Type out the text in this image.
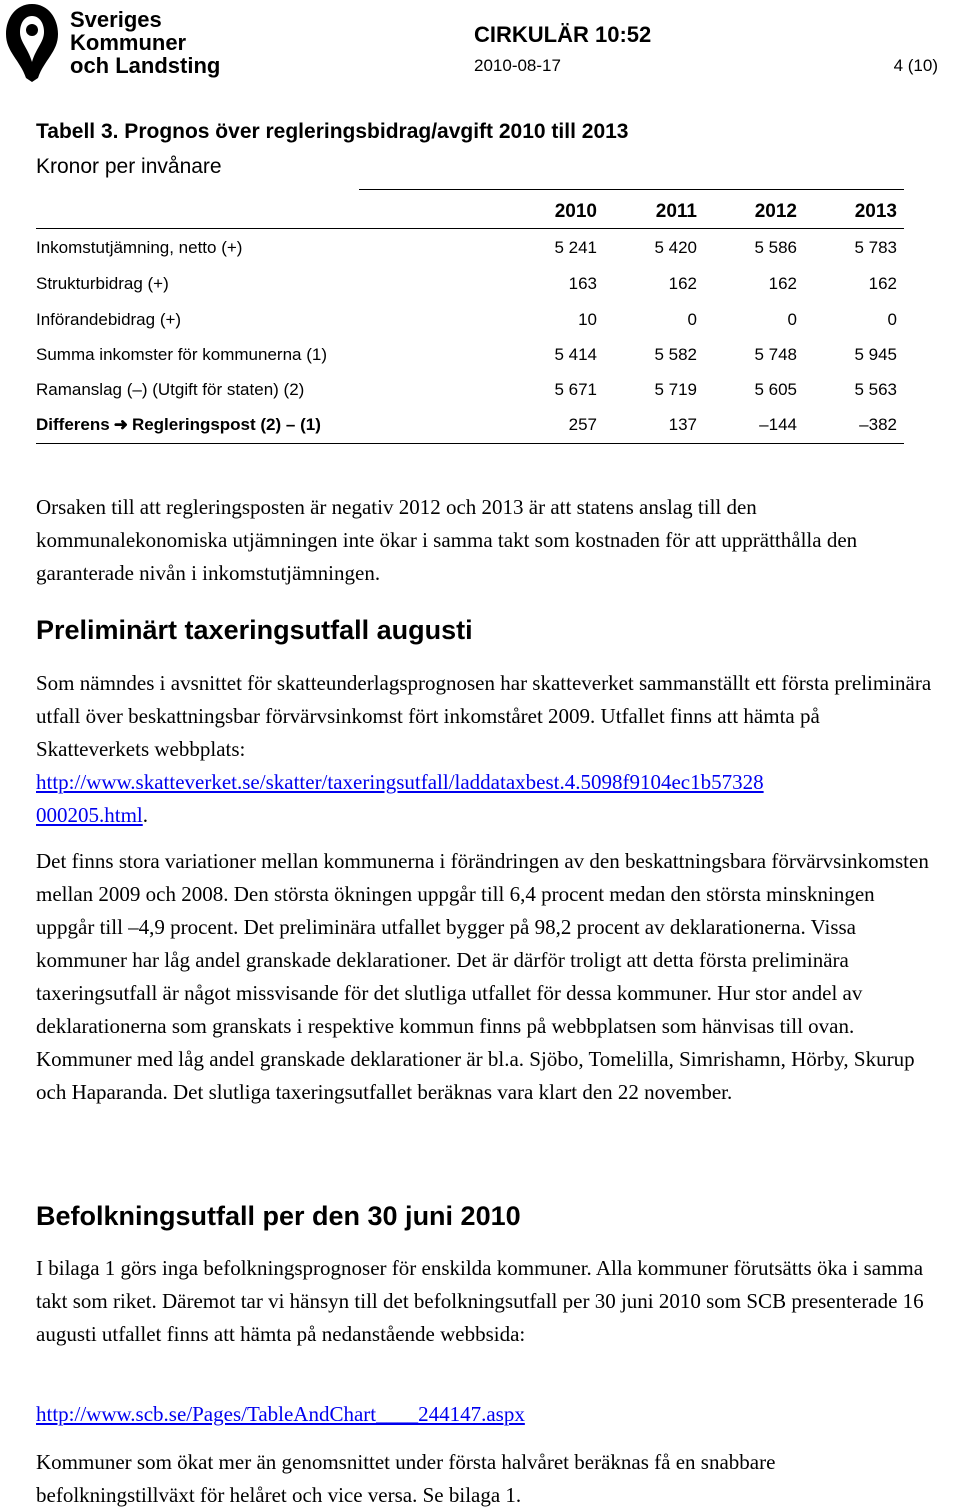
Sveriges
Kommuner
och Landsting
CIRKULÄR 10:52
2010-08-17	4 (10)
Tabell 3. Prognos över regleringsbidrag/avgift 2010 till 2013
Kronor per invånare
2010	2011	2012	2013
Inkomstutjämning, netto (+)	5 241	5 420	5 586	5 783
Strukturbidrag (+)	163	162	162	162
Införandebidrag (+)	10	0	0	0
Summa inkomster för kommunerna (1)	5 414	5 582	5 748	5 945
Ramanslag (–) (Utgift för staten) (2)	5 671	5 719	5 605	5 563
Differens ➜ Regleringspost (2) – (1)	257	137	–144	–382

Orsaken till att regleringsposten är negativ 2012 och 2013 är att statens anslag till den kommunalekonomiska utjämningen inte ökar i samma takt som kostnaden för att upprätthålla den garanterade nivån i inkomstutjämningen.

Preliminärt taxeringsutfall augusti

Som nämndes i avsnittet för skatteunderlagsprognosen har skatteverket sammanställt ett första preliminära utfall över beskattningsbar förvärvsinkomst fört inkomståret 2009. Utfallet finns att hämta på Skatteverkets webbplats:

http://www.skatteverket.se/skatter/taxeringsutfall/laddataxbest.4.5098f9104ec1b57328
000205.html.

Det finns stora variationer mellan kommunerna i förändringen av den beskattningsbara förvärvsinkomsten mellan 2009 och 2008. Den största ökningen uppgår till 6,4 procent medan den största minskningen uppgår till –4,9 procent. Det preliminära utfallet bygger på 98,2 procent av deklarationerna. Vissa kommuner har låg andel granskade deklarationer. Det är därför troligt att detta första preliminära taxeringsutfall är något missvisande för det slutliga utfallet för dessa kommuner. Hur stor andel av deklarationerna som granskats i respektive kommun finns på webbplatsen som hänvisas till ovan. Kommuner med låg andel granskade deklarationer är bl.a. Sjöbo, Tomelilla, Simrishamn, Hörby, Skurup och Haparanda. Det slutliga taxeringsutfallet beräknas vara klart den 22 november.

Befolkningsutfall per den 30 juni 2010

I bilaga 1 görs inga befolkningsprognoser för enskilda kommuner. Alla kommuner förutsätts öka i samma takt som riket. Däremot tar vi hänsyn till det befolkningsutfall per 30 juni 2010 som SCB presenterade 16 augusti utfallet finns att hämta på nedanstående webbsida:

http://www.scb.se/Pages/TableAndChart____244147.aspx

Kommuner som ökat mer än genomsnittet under första halvåret beräknas få en snabbare befolkningstillväxt för helåret och vice versa. Se bilaga 1.
